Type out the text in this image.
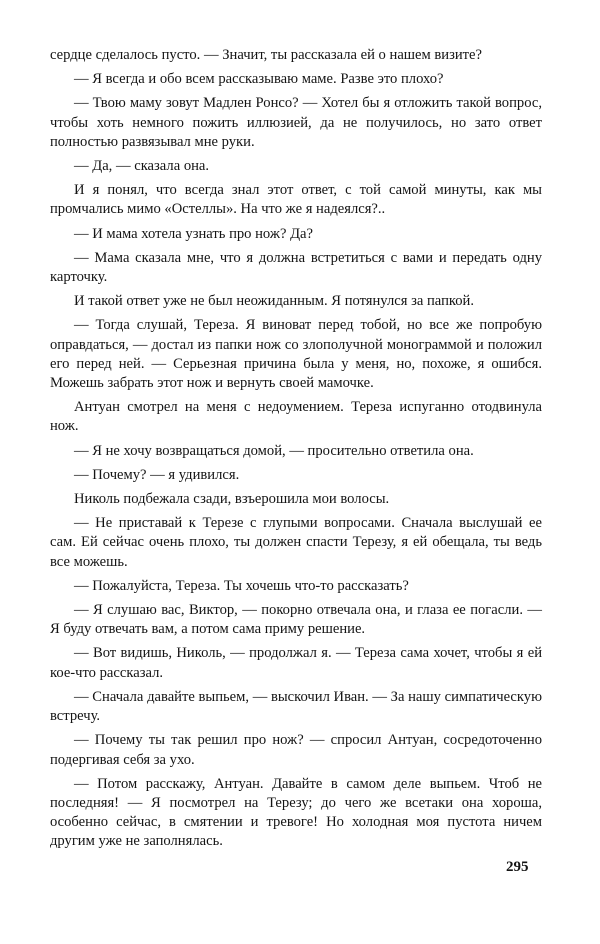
сердце сделалось пусто. — Значит, ты рассказала ей о нашем визите?

— Я всегда и обо всем рассказываю маме. Разве это плохо?

— Твою маму зовут Мадлен Ронсо? — Хотел бы я отложить такой вопрос, чтобы хоть немного пожить иллюзией, да не получилось, но зато ответ полностью развязывал мне руки.

— Да, — сказала она.

И я понял, что всегда знал этот ответ, с той самой минуты, как мы промчались мимо «Остеллы». На что же я надеялся?..

— И мама хотела узнать про нож? Да?

— Мама сказала мне, что я должна встретиться с вами и передать одну карточку.

И такой ответ уже не был неожиданным. Я потянулся за папкой.

— Тогда слушай, Тереза. Я виноват перед тобой, но все же попробую оправдаться, — достал из папки нож со злополучной монограммой и положил его перед ней. — Серьезная причина была у меня, но, похоже, я ошибся. Можешь забрать этот нож и вернуть своей мамочке.

Антуан смотрел на меня с недоумением. Тереза испуганно отодвинула нож.

— Я не хочу возвращаться домой, — просительно ответила она.

— Почему? — я удивился.

Николь подбежала сзади, взъерошила мои волосы.

— Не приставай к Терезе с глупыми вопросами. Сначала выслушай ее сам. Ей сейчас очень плохо, ты должен спасти Терезу, я ей обещала, ты ведь все можешь.

— Пожалуйста, Тереза. Ты хочешь что-то рассказать?

— Я слушаю вас, Виктор, — покорно отвечала она, и глаза ее погасли. — Я буду отвечать вам, а потом сама приму решение.

— Вот видишь, Николь, — продолжал я. — Тереза сама хочет, чтобы я ей кое-что рассказал.

— Сначала давайте выпьем, — выскочил Иван. — За нашу симпатическую встречу.

— Почему ты так решил про нож? — спросил Антуан, сосредоточенно подергивая себя за ухо.

— Потом расскажу, Антуан. Давайте в самом деле выпьем. Чтоб не последняя! — Я посмотрел на Терезу; до чего же всетаки она хороша, особенно сейчас, в смятении и тревоге! Но холодная моя пустота ничем другим уже не заполнялась.

295
